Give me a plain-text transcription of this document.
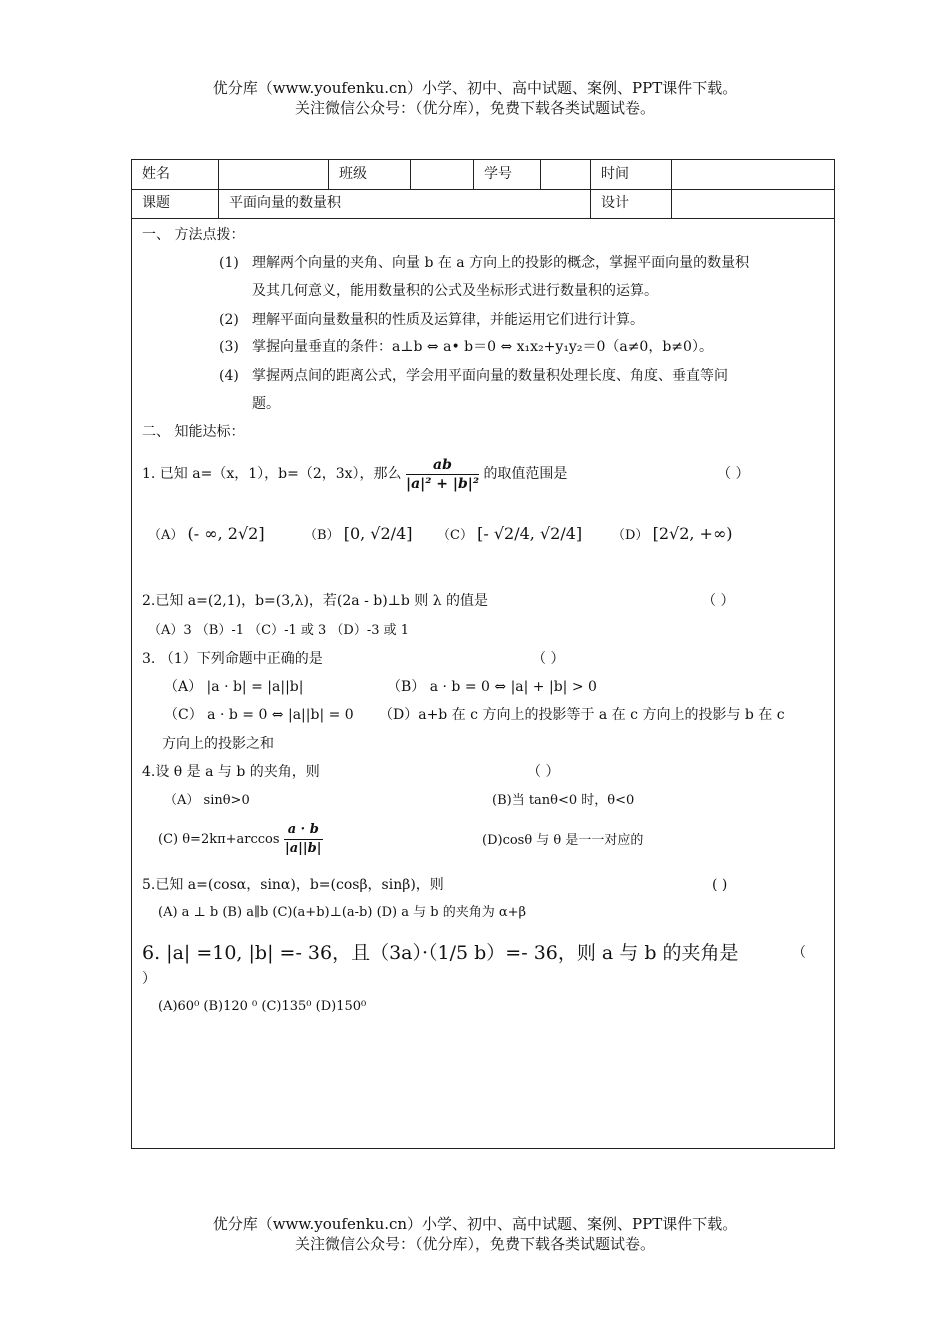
优分库（www.youfenku.cn）小学、初中、高中试题、案例、PPT课件下载。
关注微信公众号：（优分库），免费下载各类试题试卷。
姓名	班级	学号	时间
课题	平面向量的数量积	设计
一、 方法点拨：
(1) 理解两个向量的夹角、向量 b 在 a 方向上的投影的概念，掌握平面向量的数量积
及其几何意义，能用数量积的公式及坐标形式进行数量积的运算。
(2) 理解平面向量数量积的性质及运算律，并能运用它们进行计算。
(3) 掌握向量垂直的条件：a⊥b ⇔ a• b＝0 ⇔ x₁x₂+y₁y₂＝0（a≠0，b≠0）。
(4) 掌握两点间的距离公式，学会用平面向量的数量积处理长度、角度、垂直等问
题。
二、 知能达标：
1. 已知 a=（x，1），b=（2，3x），那么 $\frac{ab}{\text{|a|² + |b|²}}$ 的取值范围是	（ ）
（A） (- ∞, 2√2]	（B） [0, √2/4] （C） [- √2/4, √2/4] （D） [2√2, +∞)
2.已知 a=(2,1)，b=(3,λ)，若(2a - b)⊥b 则 λ 的值是	（ ）
（A）3 （B）-1 （C）-1 或 3 （D）-3 或 1
3. （1）下列命题中正确的是	（ ）
（A） |a · b| = |a||b|	（B） a · b = 0 ⇔ |a| + |b| > 0
（C） a · b = 0 ⇔ |a||b| = 0 （D）a+b 在 c 方向上的投影等于 a 在 c 方向上的投影与 b 在 c
方向上的投影之和
4.设 θ 是 a 与 b 的夹角，则	（ ）
（A） sinθ>0	(B)当 tanθ<0 时，θ<0
(C) $\theta=2k\pi+\arccos \frac{a \cdot b}{|a||b|}$	(D)cosθ 与 θ 是一一对应的
5.已知 a=(cosα，sinα)，b=(cosβ，sinβ)，则	( )
(A) a ⊥ b (B) a∥b (C)(a+b)⊥(a-b) (D) a 与 b 的夹角为 α+β
6. |a| =10, |b| =- 36，且（3a）·（1/5 b）=- 36，则 a 与 b 的夹角是	（
）
(A)60⁰ (B)120 ⁰ (C)135⁰ (D)150⁰
优分库（www.youfenku.cn）小学、初中、高中试题、案例、PPT课件下载。
关注微信公众号：（优分库），免费下载各类试题试卷。
